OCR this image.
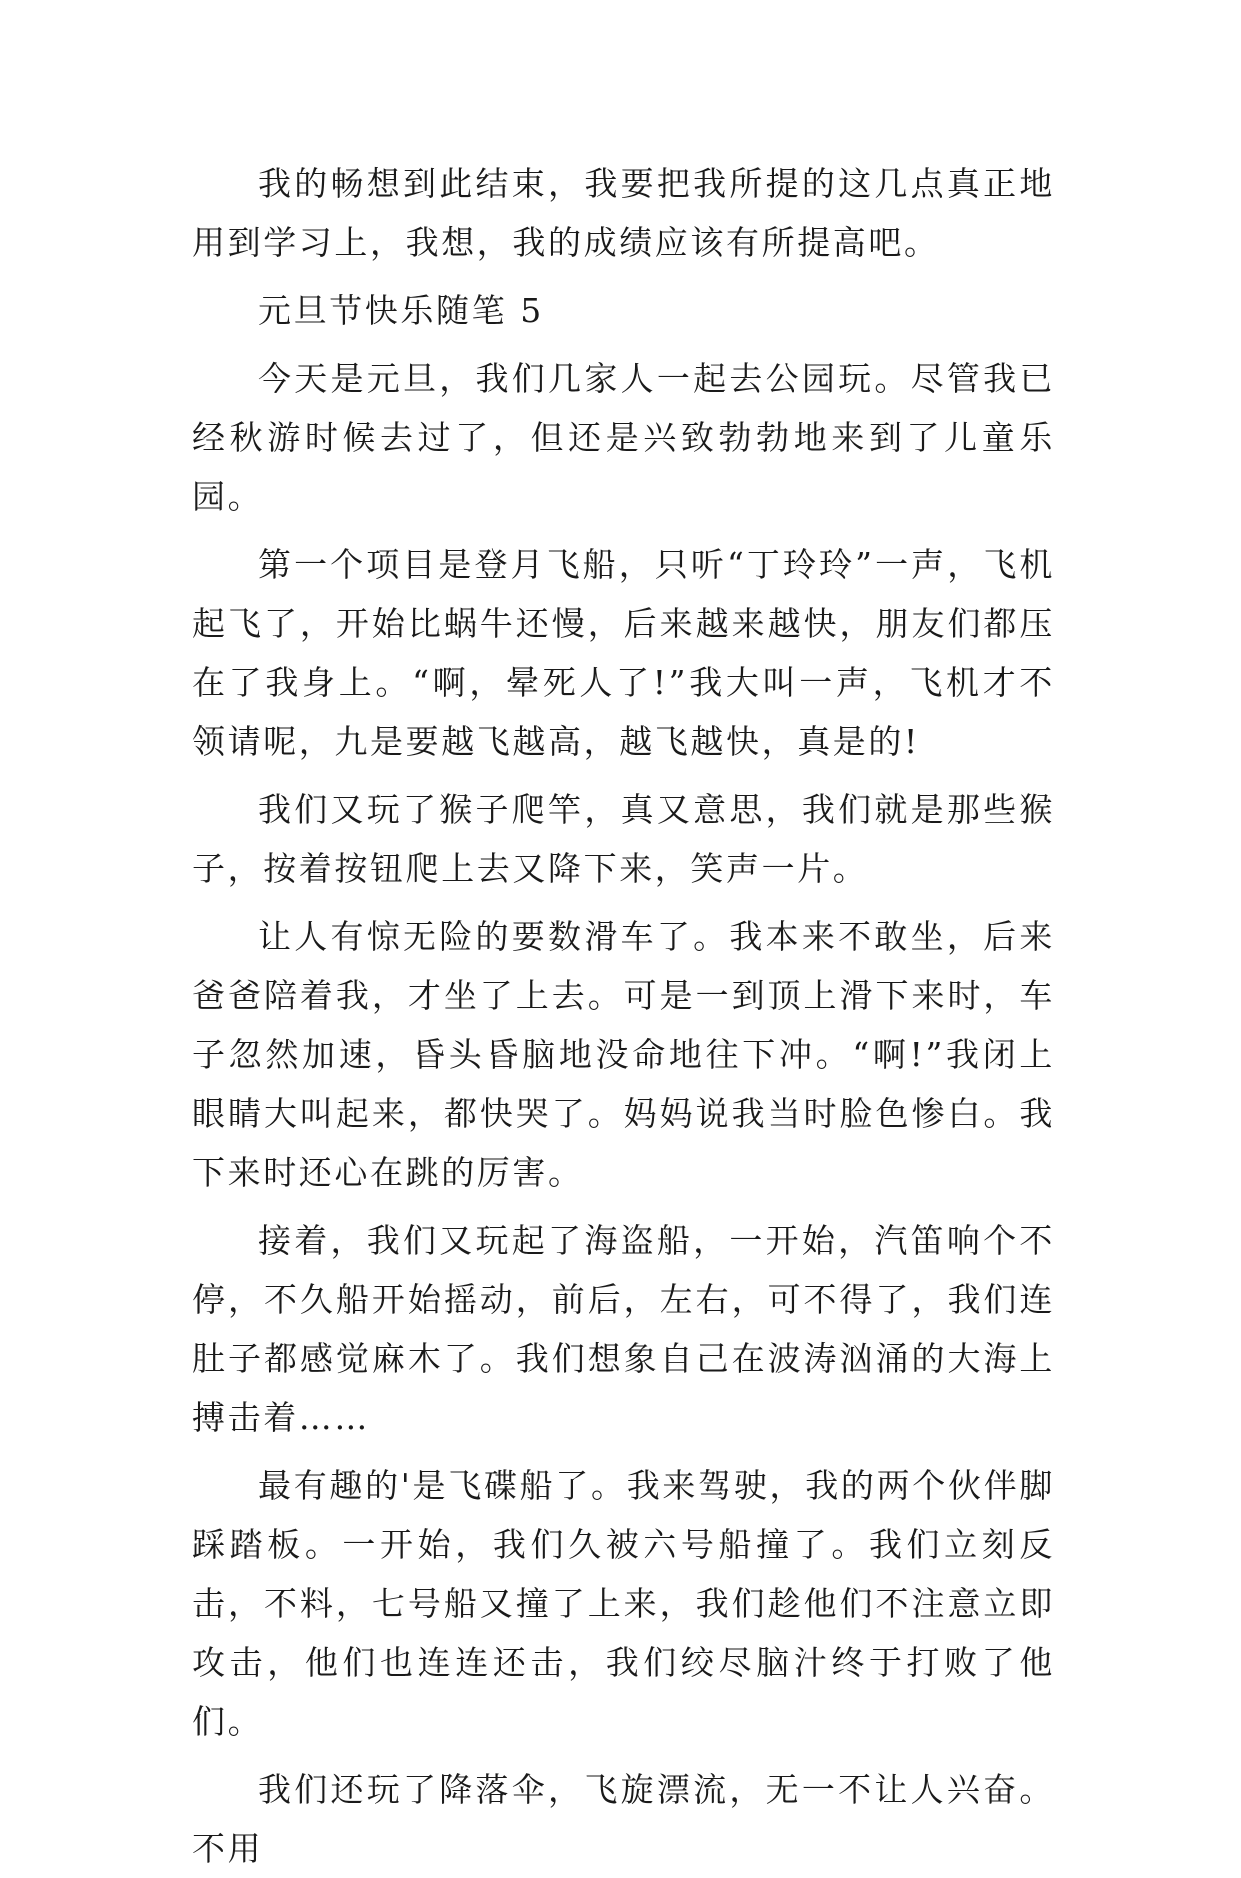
我的畅想到此结束，我要把我所提的这几点真正地用到学习上，我想，我的成绩应该有所提高吧。

元旦节快乐随笔 5

今天是元旦，我们几家人一起去公园玩。尽管我已经秋游时候去过了，但还是兴致勃勃地来到了儿童乐园。

第一个项目是登月飞船，只听“丁玲玲”一声，飞机起飞了，开始比蜗牛还慢，后来越来越快，朋友们都压在了我身上。“啊，晕死人了!”我大叫一声，飞机才不领请呢，九是要越飞越高，越飞越快，真是的!

我们又玩了猴子爬竿，真又意思，我们就是那些猴子，按着按钮爬上去又降下来，笑声一片。

让人有惊无险的要数滑车了。我本来不敢坐，后来爸爸陪着我，才坐了上去。可是一到顶上滑下来时，车子忽然加速，昏头昏脑地没命地往下冲。“啊!”我闭上眼睛大叫起来，都快哭了。妈妈说我当时脸色惨白。我下来时还心在跳的厉害。

接着，我们又玩起了海盗船，一开始，汽笛响个不停，不久船开始摇动，前后，左右，可不得了，我们连肚子都感觉麻木了。我们想象自己在波涛汹涌的大海上搏击着……

最有趣的'是飞碟船了。我来驾驶，我的两个伙伴脚踩踏板。一开始，我们久被六号船撞了。我们立刻反击，不料，七号船又撞了上来，我们趁他们不注意立即攻击，他们也连连还击，我们绞尽脑汁终于打败了他们。

我们还玩了降落伞，飞旋漂流，无一不让人兴奋。不用
